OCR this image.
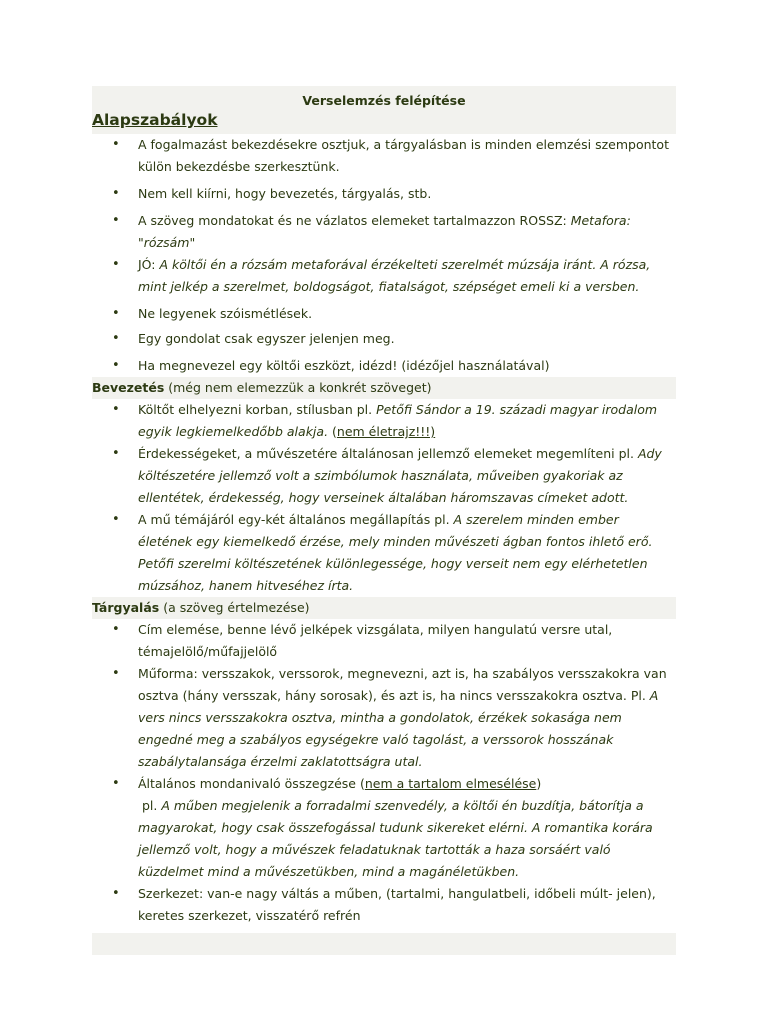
Verselemzés felépítése
Alapszabályok
• A fogalmazást bekezdésekre osztjuk, a tárgyalásban is minden elemzési szempontot külön bekezdésbe szerkesztünk.
• Nem kell kiírni, hogy bevezetés, tárgyalás, stb.
• A szöveg mondatokat és ne vázlatos elemeket tartalmazzon ROSSZ: Metafora: "rózsám"
• JÓ: A költői én a rózsám metaforával érzékelteti szerelmét múzsája iránt. A rózsa, mint jelkép a szerelmet, boldogságot, fiatalságot, szépséget emeli ki a versben.
• Ne legyenek szóismétlések.
• Egy gondolat csak egyszer jelenjen meg.
• Ha megnevezel egy költői eszközt, idézd! (idézőjel használatával)
Bevezetés (még nem elemezzük a konkrét szöveget)
• Költőt elhelyezni korban, stílusban pl. Petőfi Sándor a 19. századi magyar irodalom egyik legkiemelkedőbb alakja. (nem életrajz!!!)
• Érdekességeket, a művészetére általánosan jellemző elemeket megemlíteni pl. Ady költészetére jellemző volt a szimbólumok használata, műveiben gyakoriak az ellentétek, érdekesség, hogy verseinek általában háromszavas címeket adott.
• A mű témájáról egy-két általános megállapítás pl. A szerelem minden ember életének egy kiemelkedő érzése, mely minden művészeti ágban fontos ihlető erő. Petőfi szerelmi költészetének különlegessége, hogy verseit nem egy elérhetetlen múzsához, hanem hitveséhez írta.
Tárgyalás (a szöveg értelmezése)
• Cím elemése, benne lévő jelképek vizsgálata, milyen hangulatú versre utal, témajelölő/műfajjelölő
• Műforma: versszakok, verssorok, megnevezni, azt is, ha szabályos versszakokra van osztva (hány versszak, hány sorosak), és azt is, ha nincs versszakokra osztva. Pl. A vers nincs versszakokra osztva, mintha a gondolatok, érzékek sokasága nem engedné meg a szabályos egységekre való tagolást, a verssorok hosszának szabálytalansága érzelmi zaklatottságra utal.
• Általános mondanivaló összegzése (nem a tartalom elmesélése)
pl. A műben megjelenik a forradalmi szenvedély, a költői én buzdítja, bátorítja a magyarokat, hogy csak összefogással tudunk sikereket elérni. A romantika korára jellemző volt, hogy a művészek feladatuknak tartották a haza sorsáért való küzdelmet mind a művészetükben, mind a magánéletükben.
• Szerkezet: van-e nagy váltás a műben, (tartalmi, hangulatbeli, időbeli múlt- jelen), keretes szerkezet, visszatérő refrén
